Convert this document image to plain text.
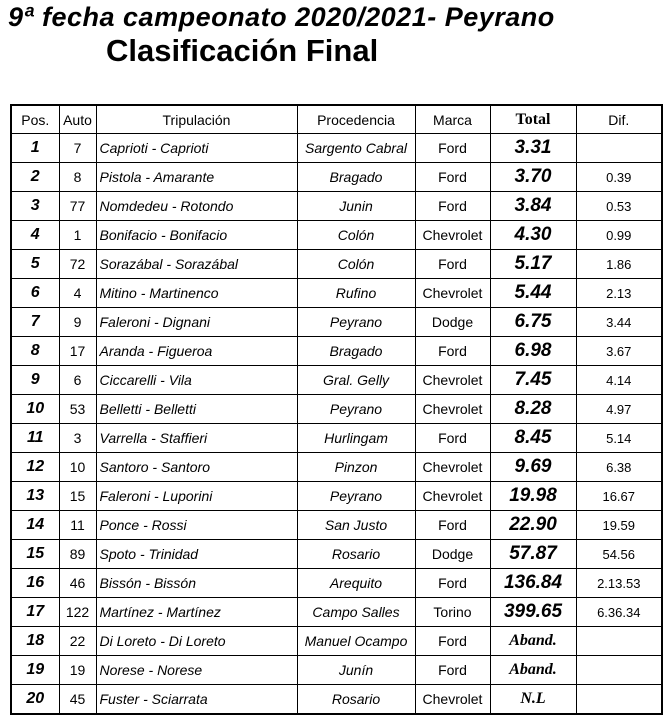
9ª fecha campeonato 2020/2021- Peyrano
Clasificación Final
Pos.	Auto	Tripulación	Procedencia	Marca	Total	Dif.
1	7	Caprioti - Caprioti	Sargento Cabral	Ford	3.31	
2	8	Pistola - Amarante	Bragado	Ford	3.70	0.39
3	77	Nomdedeu - Rotondo	Junin	Ford	3.84	0.53
4	1	Bonifacio - Bonifacio	Colón	Chevrolet	4.30	0.99
5	72	Sorazábal - Sorazábal	Colón	Ford	5.17	1.86
6	4	Mitino - Martinenco	Rufino	Chevrolet	5.44	2.13
7	9	Faleroni - Dignani	Peyrano	Dodge	6.75	3.44
8	17	Aranda - Figueroa	Bragado	Ford	6.98	3.67
9	6	Ciccarelli - Vila	Gral. Gelly	Chevrolet	7.45	4.14
10	53	Belletti - Belletti	Peyrano	Chevrolet	8.28	4.97
11	3	Varrella - Staffieri	Hurlingam	Ford	8.45	5.14
12	10	Santoro - Santoro	Pinzon	Chevrolet	9.69	6.38
13	15	Faleroni - Luporini	Peyrano	Chevrolet	19.98	16.67
14	11	Ponce - Rossi	San Justo	Ford	22.90	19.59
15	89	Spoto - Trinidad	Rosario	Dodge	57.87	54.56
16	46	Bissón - Bissón	Arequito	Ford	136.84	2.13.53
17	122	Martínez - Martínez	Campo Salles	Torino	399.65	6.36.34
18	22	Di Loreto - Di Loreto	Manuel Ocampo	Ford	Aband.	
19	19	Norese - Norese	Junín	Ford	Aband.	
20	45	Fuster - Sciarrata	Rosario	Chevrolet	N.L	
